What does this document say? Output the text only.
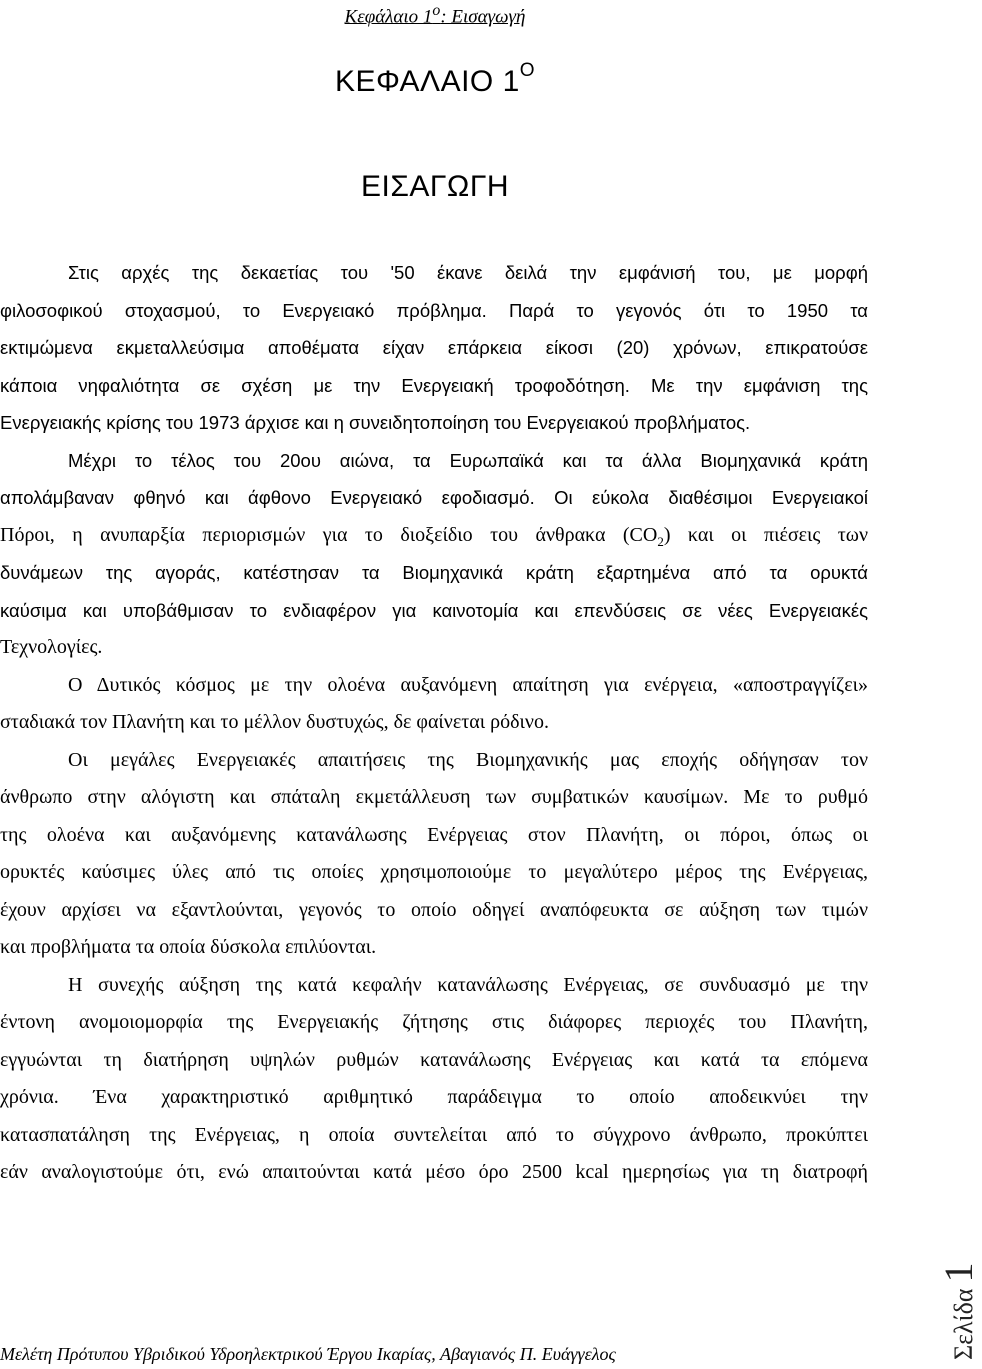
Κεφάλαιο $1^o$: Εισαγωγή
ΚΕΦΑΛΑΙΟ $1^O$
ΕΙΣΑΓΩΓΗ
Στις αρχές της δεκαετίας του '50 έκανε δειλά την εμφάνισή του, με μορφή
φιλοσοφικού στοχασμού, το Ενεργειακό πρόβλημα. Παρά το γεγονός ότι το 1950 τα
εκτιμώμενα εκμεταλλεύσιμα αποθέματα είχαν επάρκεια είκοσι (20) χρόνων, επικρατούσε
κάποια νηφαλιότητα σε σχέση με την Ενεργειακή τροφοδότηση. Με την εμφάνιση της
Ενεργειακής κρίσης του 1973 άρχισε και η συνειδητοποίηση του Ενεργειακού προβλήματος.
Μέχρι το τέλος του 20ου αιώνα, τα Ευρωπαϊκά και τα άλλα Βιομηχανικά κράτη
απολάμβαναν φθηνό και άφθονο Ενεργειακό εφοδιασμό. Οι εύκολα διαθέσιμοι Ενεργειακοί
Πόροι, η ανυπαρξία περιορισμών για το διοξείδιο του άνθρακα $(CO_2)$ και οι πιέσεις των
δυνάμεων της αγοράς, κατέστησαν τα Βιομηχανικά κράτη εξαρτημένα από τα ορυκτά
καύσιμα και υποβάθμισαν το ενδιαφέρον για καινοτομία και επενδύσεις σε νέες Ενεργειακές
Τεχνολογίες.
Ο Δυτικός κόσμος με την ολοένα αυξανόμενη απαίτηση για ενέργεια, «αποστραγγίζει»
σταδιακά τον Πλανήτη και το μέλλον δυστυχώς, δε φαίνεται ρόδινο.
Οι μεγάλες Ενεργειακές απαιτήσεις της Βιομηχανικής μας εποχής οδήγησαν τον
άνθρωπο στην αλόγιστη και σπάταλη εκμετάλλευση των συμβατικών καυσίμων. Με το ρυθμό
της ολοένα και αυξανόμενης κατανάλωσης Ενέργειας στον Πλανήτη, οι πόροι, όπως οι
ορυκτές καύσιμες ύλες από τις οποίες χρησιμοποιούμε το μεγαλύτερο μέρος της Ενέργειας,
έχουν αρχίσει να εξαντλούνται, γεγονός το οποίο οδηγεί αναπόφευκτα σε αύξηση των τιμών
και προβλήματα τα οποία δύσκολα επιλύονται.
Η συνεχής αύξηση της κατά κεφαλήν κατανάλωσης Ενέργειας, σε συνδυασμό με την
έντονη ανομοιομορφία της Ενεργειακής ζήτησης στις διάφορες περιοχές του Πλανήτη,
εγγυώνται τη διατήρηση υψηλών ρυθμών κατανάλωσης Ενέργειας και κατά τα επόμενα
χρόνια. Ένα χαρακτηριστικό αριθμητικό παράδειγμα το οποίο αποδεικνύει την
κατασπατάληση της Ενέργειας, η οποία συντελείται από το σύγχρονο άνθρωπο, προκύπτει
εάν αναλογιστούμε ότι, ενώ απαιτούνται κατά μέσο όρο 2500 kcal ημερησίως για τη διατροφή
Μελέτη Πρότυπου Υβριδικού Υδροηλεκτρικού Έργου Ικαρίας, Αβαγιανός Π. Ευάγγελος	Σελίδα1
